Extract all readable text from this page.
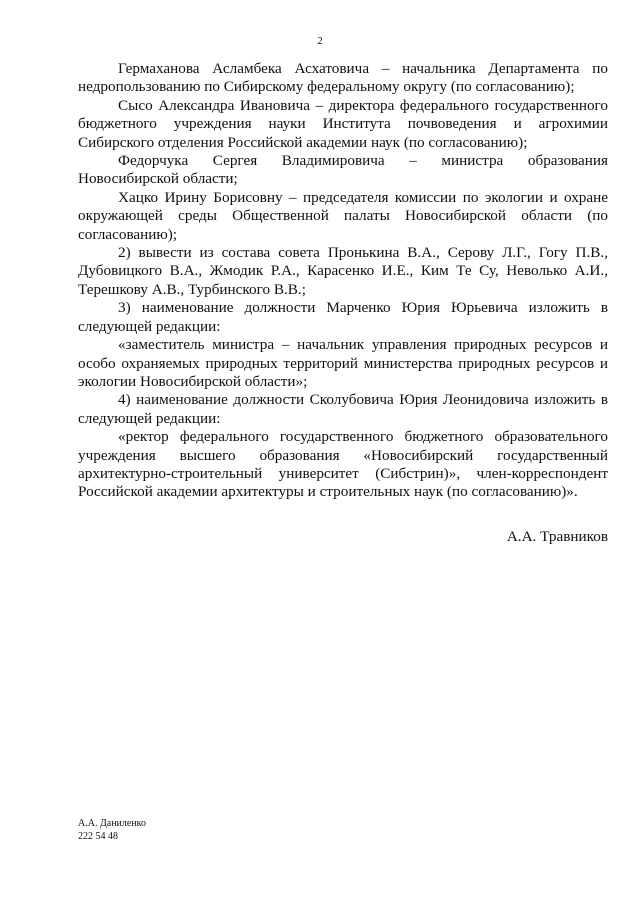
2

Гермаханова Асламбека Асхатовича – начальника Департамента по недропользованию по Сибирскому федеральному округу (по согласованию);

Сысо Александра Ивановича – директора федерального государственного бюджетного учреждения науки Института почвоведения и агрохимии Сибирского отделения Российской академии наук (по согласованию);

Федорчука Сергея Владимировича – министра образования Новосибирской области;

Хацко Ирину Борисовну – председателя комиссии по экологии и охране окружающей среды Общественной палаты Новосибирской области (по согласованию);

2) вывести из состава совета Пронькина В.А., Серову Л.Г., Гогу П.В., Дубовицкого В.А., Жмодик Р.А., Карасенко И.Е., Ким Те Су, Неволько А.И., Терешкову А.В., Турбинского В.В.;

3) наименование должности Марченко Юрия Юрьевича изложить в следующей редакции:

«заместитель министра – начальник управления природных ресурсов и особо охраняемых природных территорий министерства природных ресурсов и экологии Новосибирской области»;

4) наименование должности Сколубовича Юрия Леонидовича изложить в следующей редакции:

«ректор федерального государственного бюджетного образовательного учреждения высшего образования «Новосибирский государственный архитектурно-строительный университет (Сибстрин)», член-корреспондент Российской академии архитектуры и строительных наук (по согласованию)».

А.А. Травников
А.А. Даниленко
222 54 48
